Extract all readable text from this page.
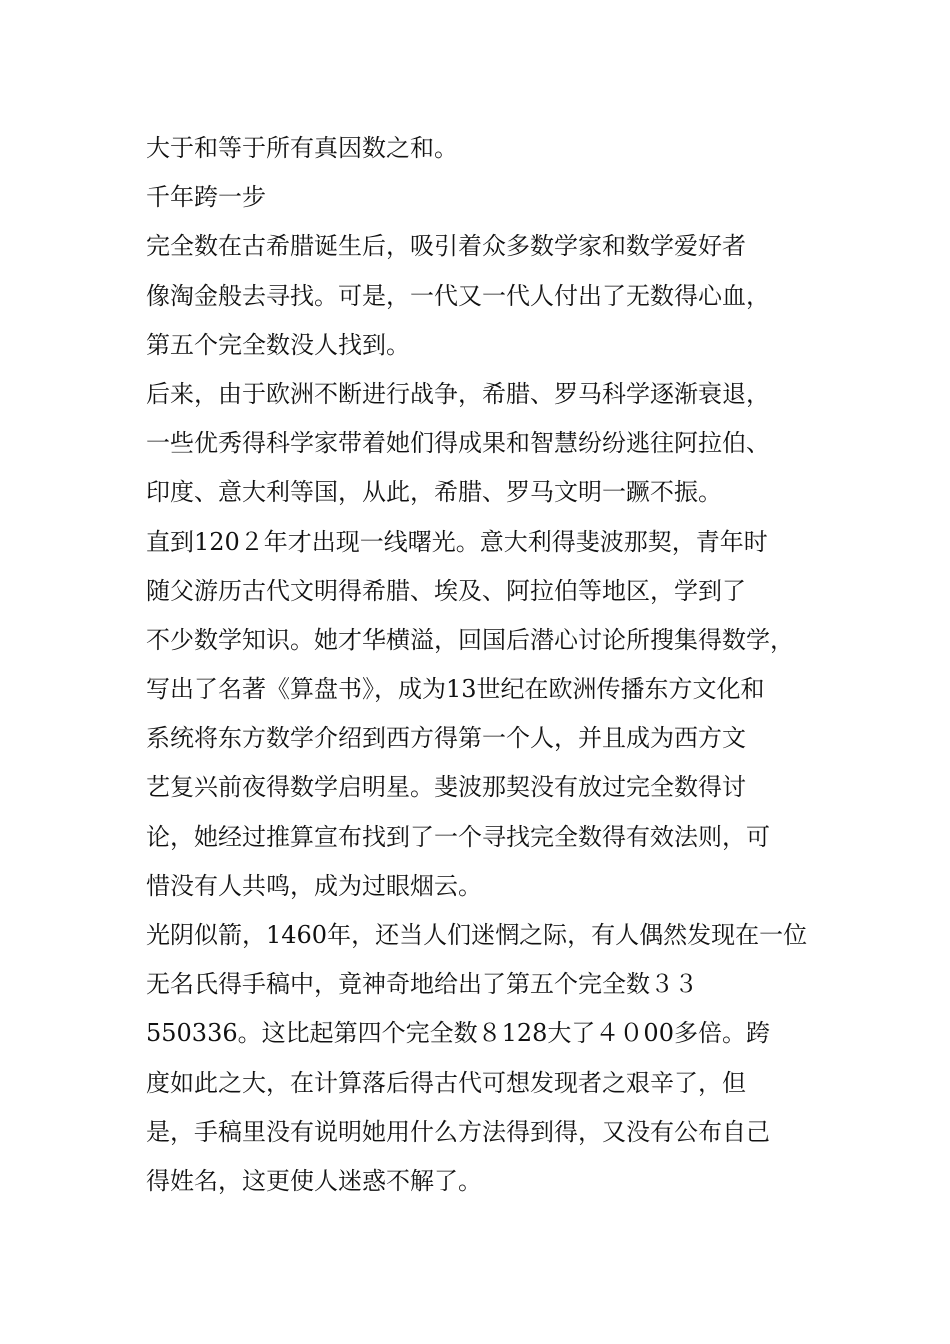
大于和等于所有真因数之和。
千年跨一步
完全数在古希腊诞生后，吸引着众多数学家和数学爱好者
像淘金般去寻找。可是，一代又一代人付出了无数得心血，
第五个完全数没人找到。
后来，由于欧洲不断进行战争，希腊、罗马科学逐渐衰退，
一些优秀得科学家带着她们得成果和智慧纷纷逃往阿拉伯、
印度、意大利等国，从此，希腊、罗马文明一蹶不振。
直到120２年才出现一线曙光。意大利得斐波那契，青年时
随父游历古代文明得希腊、埃及、阿拉伯等地区，学到了
不少数学知识。她才华横溢，回国后潜心讨论所搜集得数学，
写出了名著《算盘书》，成为13世纪在欧洲传播东方文化和
系统将东方数学介绍到西方得第一个人，并且成为西方文
艺复兴前夜得数学启明星。斐波那契没有放过完全数得讨
论，她经过推算宣布找到了一个寻找完全数得有效法则，可
惜没有人共鸣，成为过眼烟云。
光阴似箭，1460年，还当人们迷惘之际，有人偶然发现在一位
无名氏得手稿中，竟神奇地给出了第五个完全数３３
550336。这比起第四个完全数８128大了４０00多倍。跨
度如此之大，在计算落后得古代可想发现者之艰辛了，但
是，手稿里没有说明她用什么方法得到得，又没有公布自己
得姓名，这更使人迷惑不解了。
